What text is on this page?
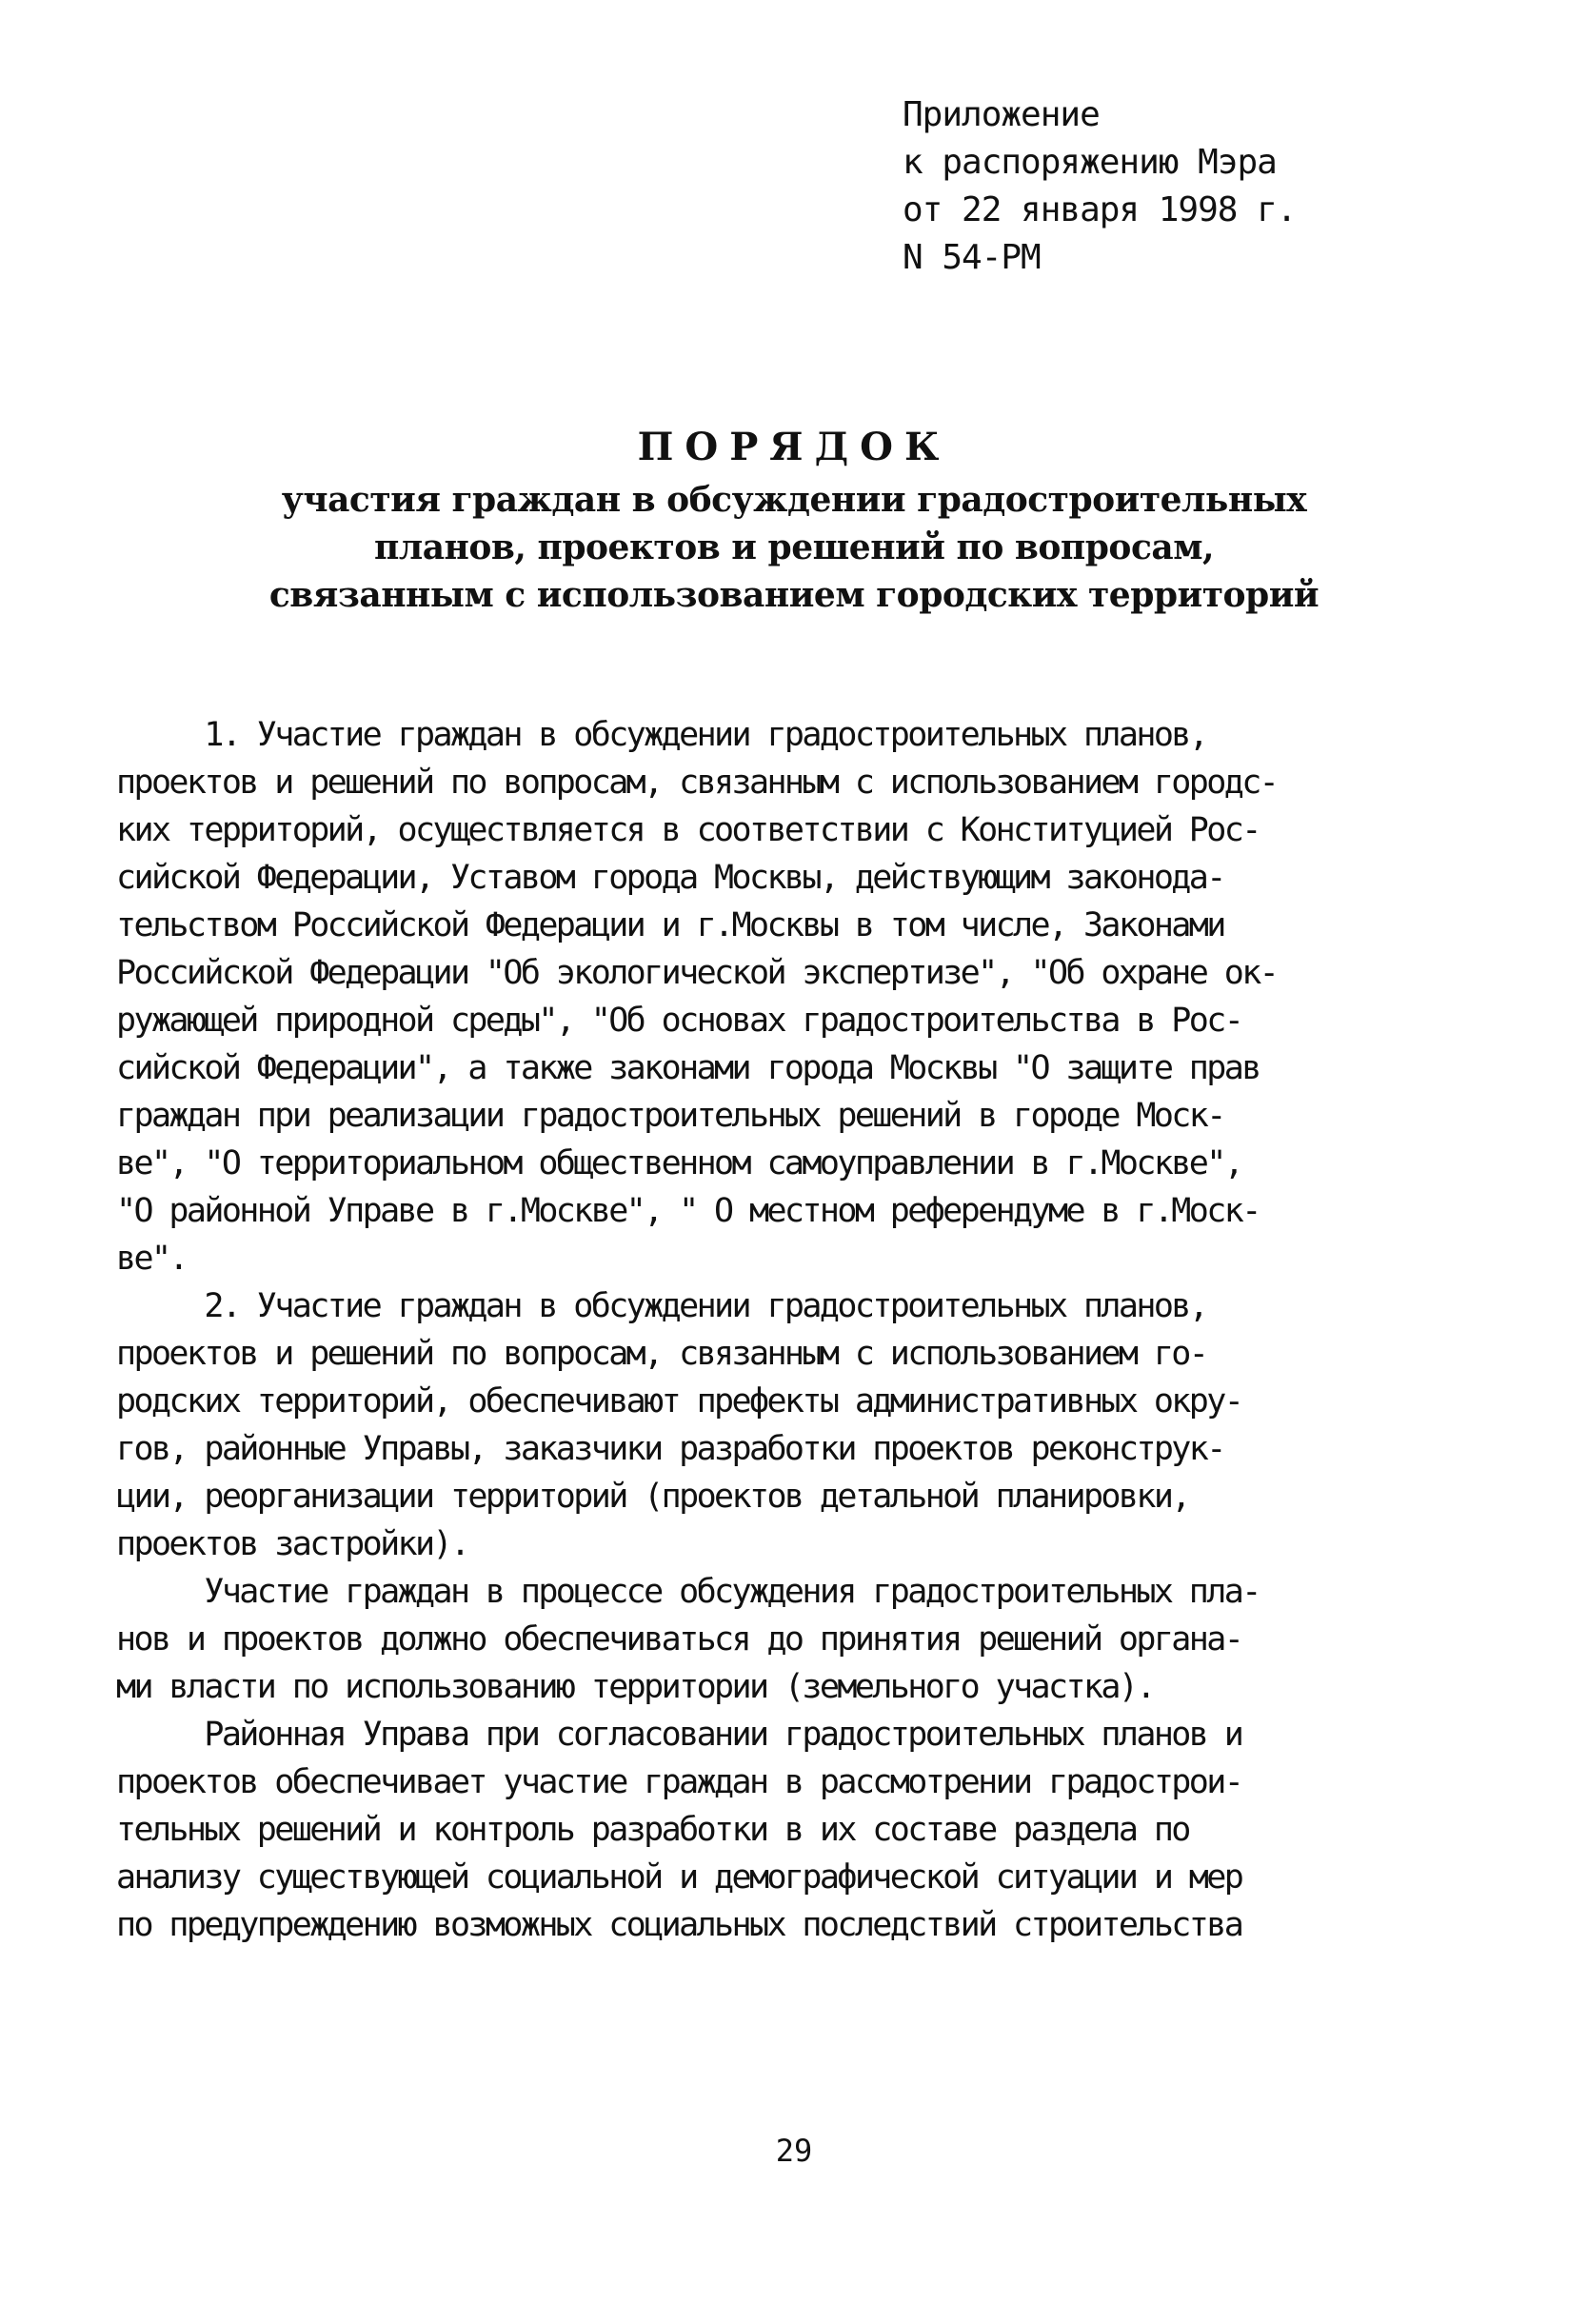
Приложение
к распоряжению Мэра
от 22 января 1998 г.
N 54-РМ
ПОРЯДОК
участия граждан в обсуждении градостроительных
планов, проектов и решений по вопросам,
связанным с использованием городских территорий
1. Участие граждан в обсуждении градостроительных планов,
проектов и решений по вопросам, связанным с использованием городс-
ких территорий, осуществляется в соответствии с Конституцией Рос-
сийской Федерации, Уставом города Москвы, действующим законода-
тельством Российской Федерации и г.Москвы в том числе, Законами
Российской Федерации "Об экологической экспертизе", "Об охране ок-
ружающей природной среды", "Об основах градостроительства в Рос-
сийской Федерации", а также законами города Москвы "О защите прав
граждан при реализации градостроительных решений в городе Моск-
ве", "О территориальном общественном самоуправлении в г.Москве",
"О районной Управе в г.Москве", " О местном референдуме в г.Моск-
ве".
2. Участие граждан в обсуждении градостроительных планов,
проектов и решений по вопросам, связанным с использованием го-
родских территорий, обеспечивают префекты административных окру-
гов, районные Управы, заказчики разработки проектов реконструк-
ции, реорганизации территорий (проектов детальной планировки,
проектов застройки).
Участие граждан в процессе обсуждения градостроительных пла-
нов и проектов должно обеспечиваться до принятия решений органа-
ми власти по использованию территории (земельного участка).
Районная Управа при согласовании градостроительных планов и
проектов обеспечивает участие граждан в рассмотрении градострои-
тельных решений и контроль разработки в их составе раздела по
анализу существующей социальной и демографической ситуации и мер
по предупреждению возможных социальных последствий строительства
29
